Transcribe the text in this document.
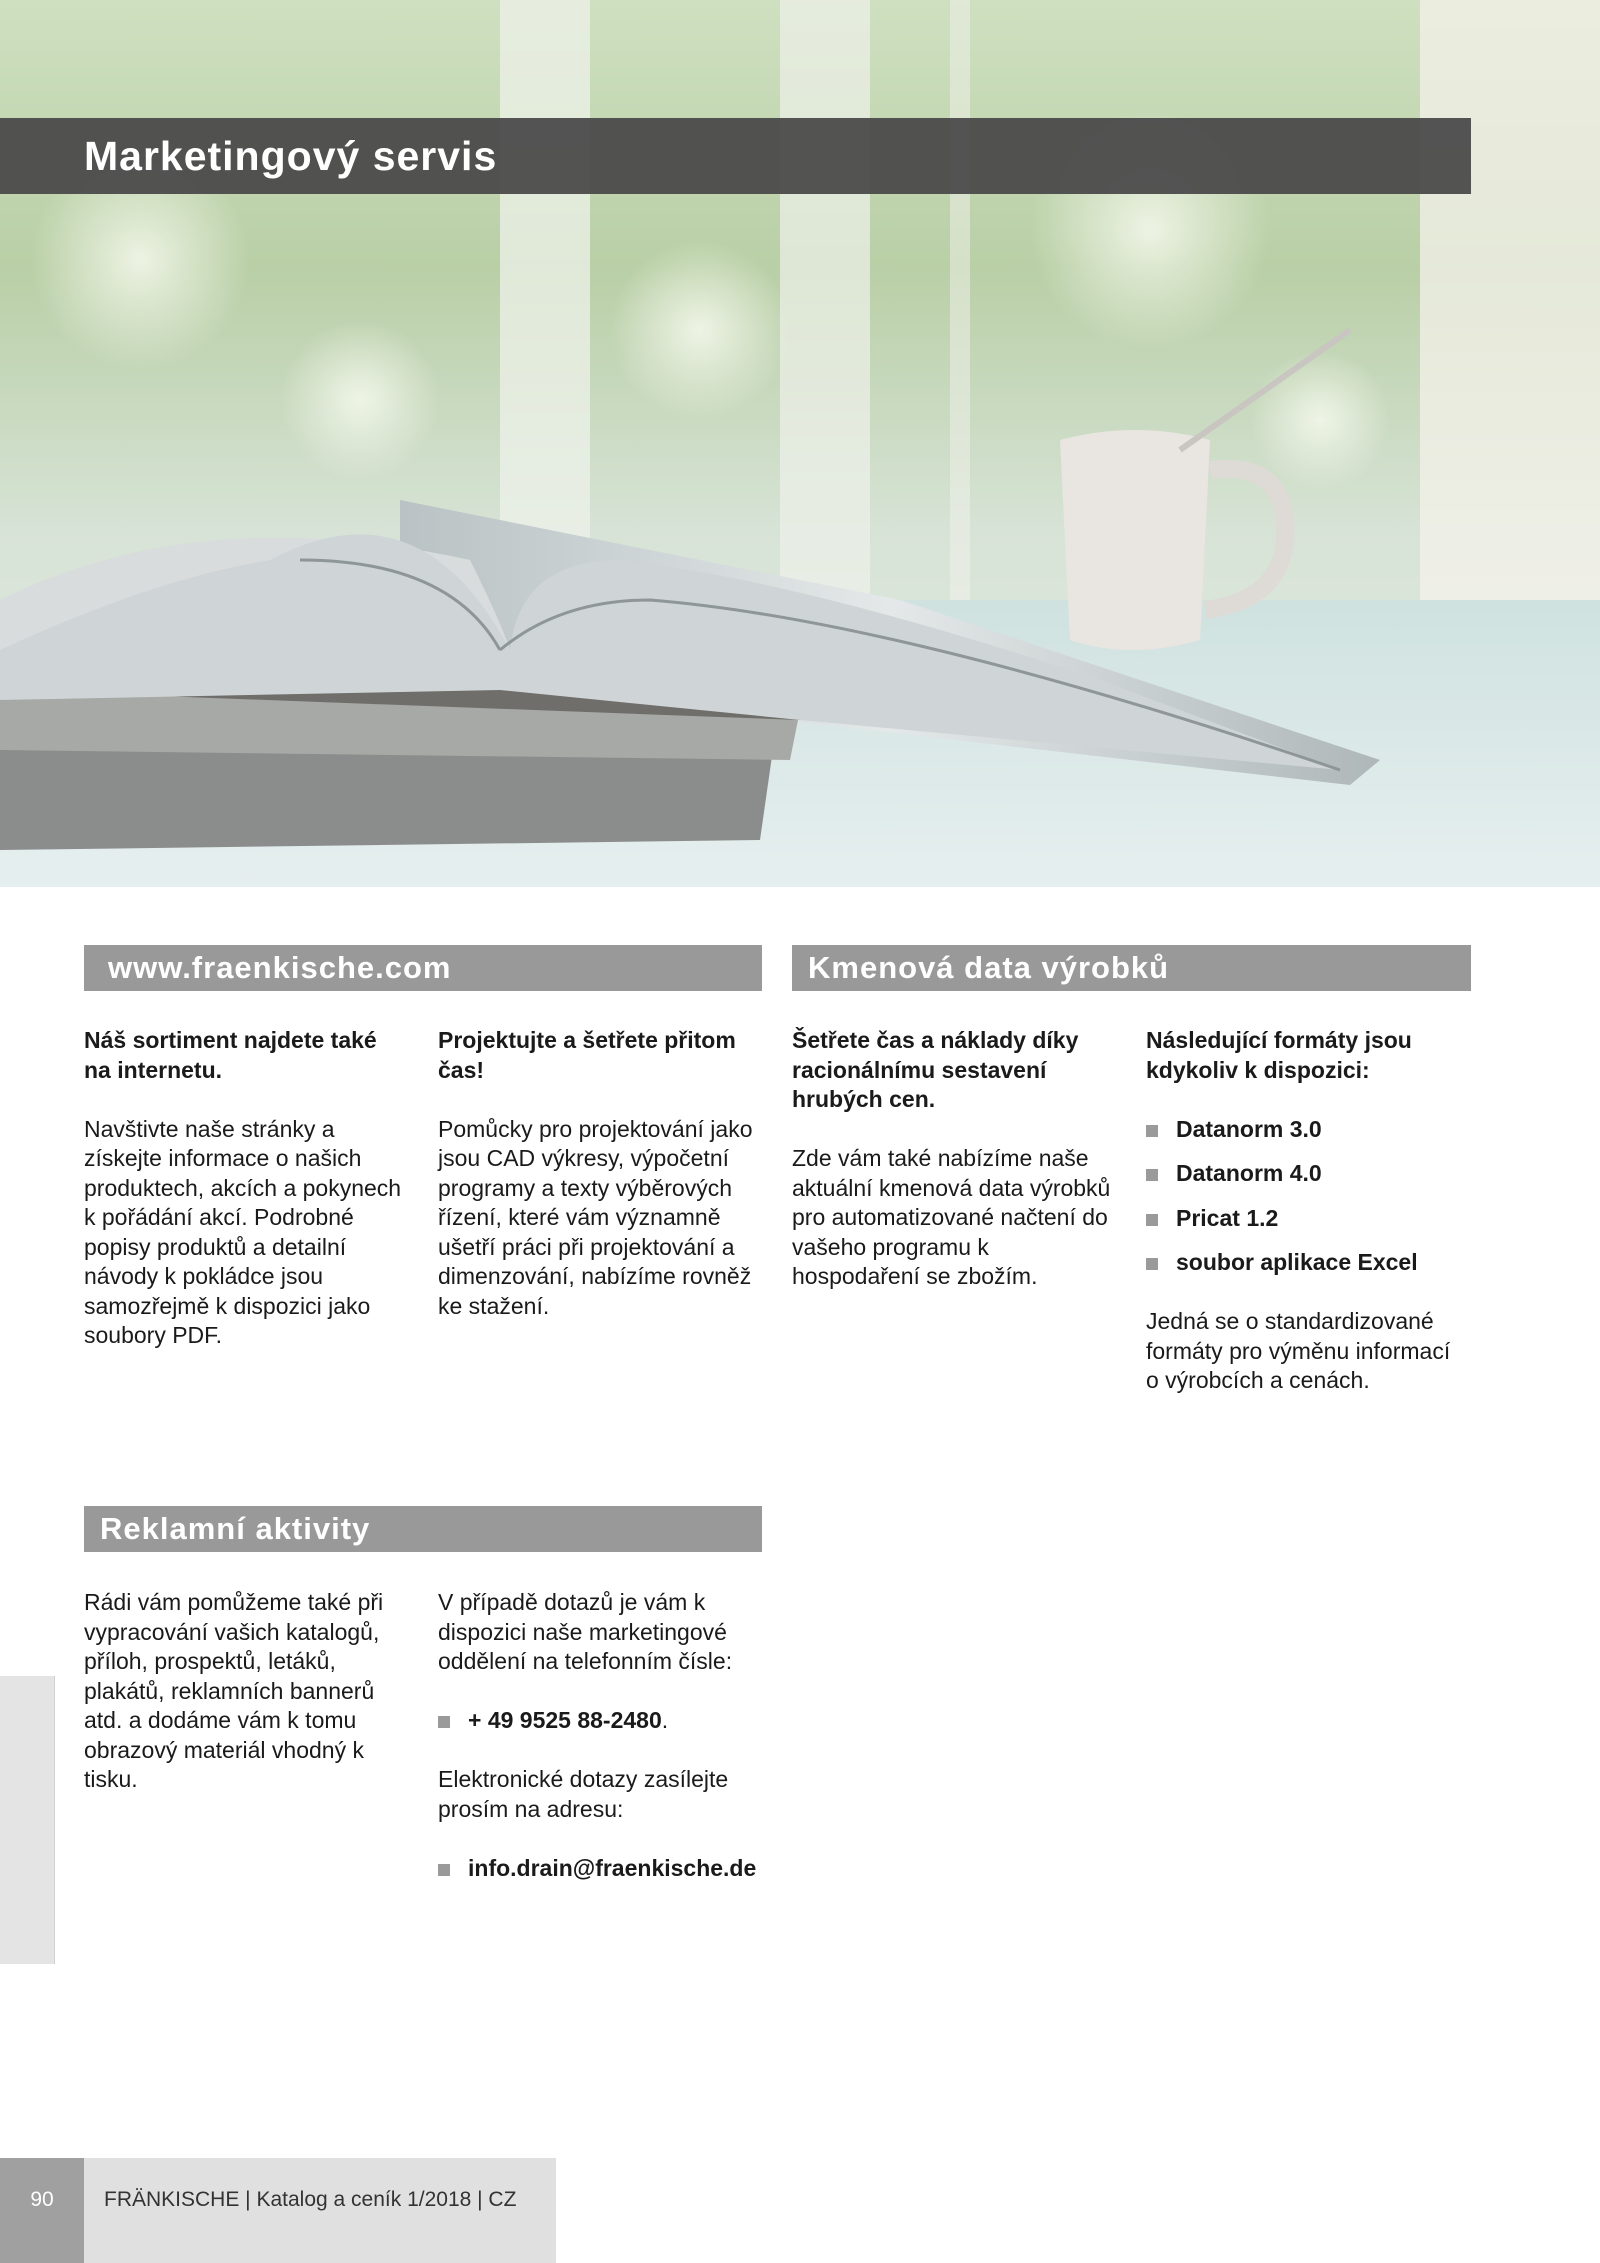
Marketingový servis
www.fraenkische.com

Náš sortiment najdete také na internetu.

Navštivte naše stránky a získejte informace o našich produktech, akcích a pokynech k pořádání akcí. Podrobné popisy produktů a detailní návody k pokládce jsou samozřejmě k dispozici jako soubory PDF.

Projektujte a šetřete přitom čas!

Pomůcky pro projektování jako jsou CAD výkresy, výpočetní programy a texty výběrových řízení, které vám významně ušetří práci při projektování a dimenzování, nabízíme rovněž ke stažení.

Kmenová data výrobků

Šetřete čas a náklady díky racionálnímu sestavení hrubých cen.

Zde vám také nabízíme naše aktuální kmenová data výrobků pro automatizované načtení do vašeho programu k hospodaření se zbožím.

Následující formáty jsou kdykoliv k dispozici:

Datanorm 3.0
Datanorm 4.0
Pricat 1.2
soubor aplikace Excel

Jedná se o standardizované formáty pro výměnu informací o výrobcích a cenách.

Reklamní aktivity

Rádi vám pomůžeme také při vypracování vašich katalogů, příloh, prospektů, letáků, plakátů, reklamních bannerů atd. a dodáme vám k tomu obrazový materiál vhodný k tisku.

V případě dotazů je vám k dispozici naše marketingové oddělení na telefonním čísle:

+ 49 9525 88-2480.

Elektronické dotazy zasílejte prosím na adresu:

info.drain@fraenkische.de
90	FRÄNKISCHE | Katalog a ceník 1/2018 | CZ
